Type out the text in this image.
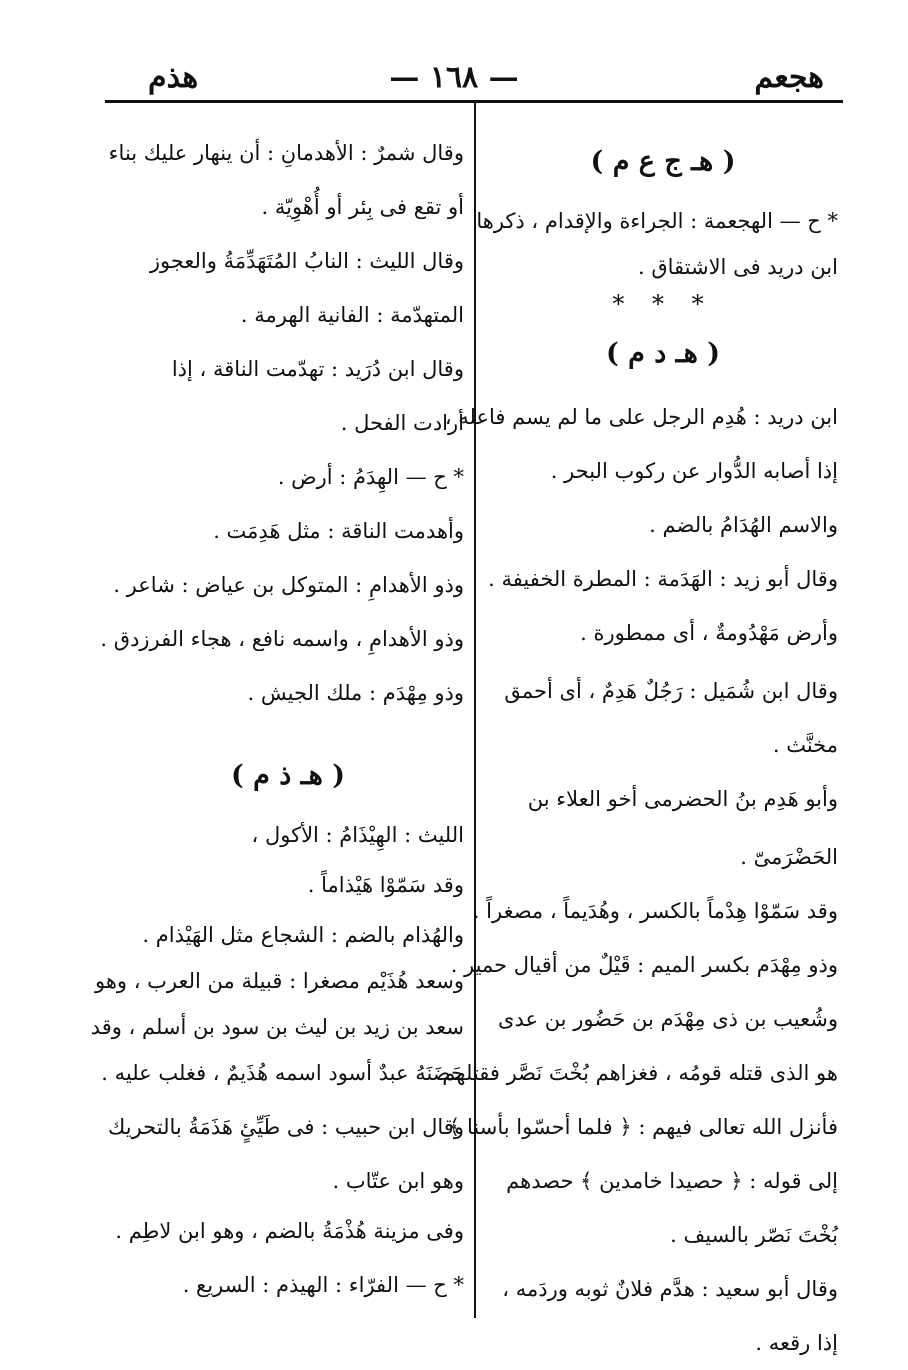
هجعم
— ١٦٨ —
هذم
( هـ ج ع م )
* ح — الهجعمة : الجراءة والإقدام ، ذكرها
ابن دريد فى الاشتقاق .
* * *
( هـ د م )
ابن دريد : هُدِم الرجل على ما لم يسم فاعله ،
إذا أصابه الدُّوار عن ركوب البحر .
والاسم الهُدَامُ بالضم .
وقال أبو زيد : الهَدَمة : المطرة الخفيفة .
وأرض مَهْدُومةٌ ، أى ممطورة .
وقال ابن شُمَيل : رَجُلٌ هَدِمٌ ، أى أحمق
مخنَّث .
وأبو هَدِم بنُ الحضرمى أخو العلاء بن
الحَضْرَمىّ .
وقد سَمّوْا هِدْماً بالكسر ، وهُدَيماً ، مصغراً .
وذو مِهْدَم بكسر الميم : قَيْلٌ من أقيال حمير .
وشُعيب بن ذى مِهْدَم بن حَضُور بن عدى
هو الذى قتله قومُه ، فغزاهم بُخْتَ نَصَّر فقتلهم
فأنزل الله تعالى فيهم : ﴿ فلما أحسّوا بأسنا ﴾
إلى قوله : ﴿ حصيدا خامدين ﴾ حصدهم
بُخْتَ نَصّر بالسيف .
وقال أبو سعيد : هدَّم فلانٌ ثوبه وردَمه ،
إذا رقعه .
وقال شمرٌ : الأهدمانِ : أن ينهار عليك بناء
أو تقع فى بِئر أو أُهْوِيّة .
وقال الليث : النابُ المُتَهَدِّمَةُ والعجوز
المتهدّمة : الفانية الهرمة .
وقال ابن دُرَيد : تهدّمت الناقة ، إذا
أرادت الفحل .
* ح — الهِدَمُ : أرض .
وأهدمت الناقة : مثل هَدِمَت .
وذو الأهدامِ : المتوكل بن عياض : شاعر .
وذو الأهدامِ ، واسمه نافع ، هجاء الفرزدق .
وذو مِهْدَم : ملك الجيش .
( هـ ذ م )
الليث : الهِيْذَامُ : الأكول ،
وقد سَمّوْا هَيْذاماً .
والهُذام بالضم : الشجاع مثل الهَيْذام .
وسعد هُذَيْم مصغرا : قبيلة من العرب ، وهو
سعد بن زيد بن ليث بن سود بن أسلم ، وقد
حَضَنَهُ عبدٌ أسود اسمه هُذَيمٌ ، فغلب عليه .
وقال ابن حبيب : فى طَيِّئٍ هَذَمَةُ بالتحريك
وهو ابن عتّاب .
وفى مزينة هُذْمَةُ بالضم ، وهو ابن لاطِم .
* ح — الفرّاء : الهيذم : السريع .
